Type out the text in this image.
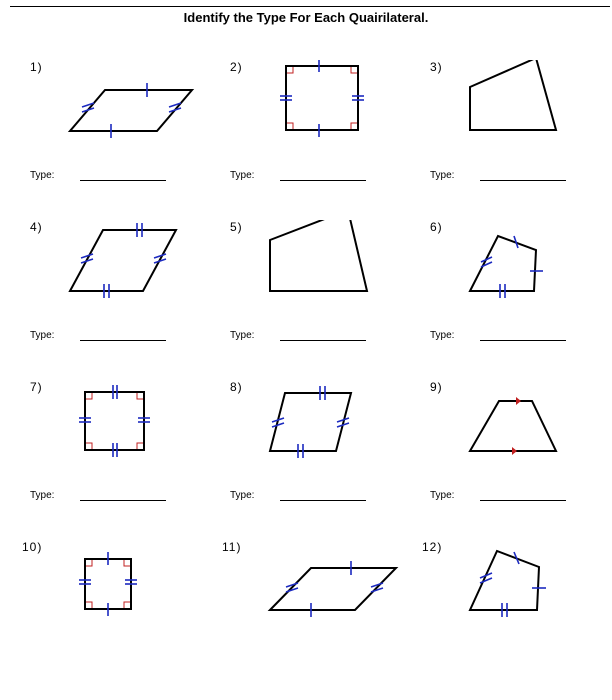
Identify the Type For Each Quairilateral.
1)
Type:
2)
Type:
3)
Type:
4)
Type:
5)
Type:
6)
Type:
7)
Type:
8)
Type:
9)
Type:
10)	11)	12)
